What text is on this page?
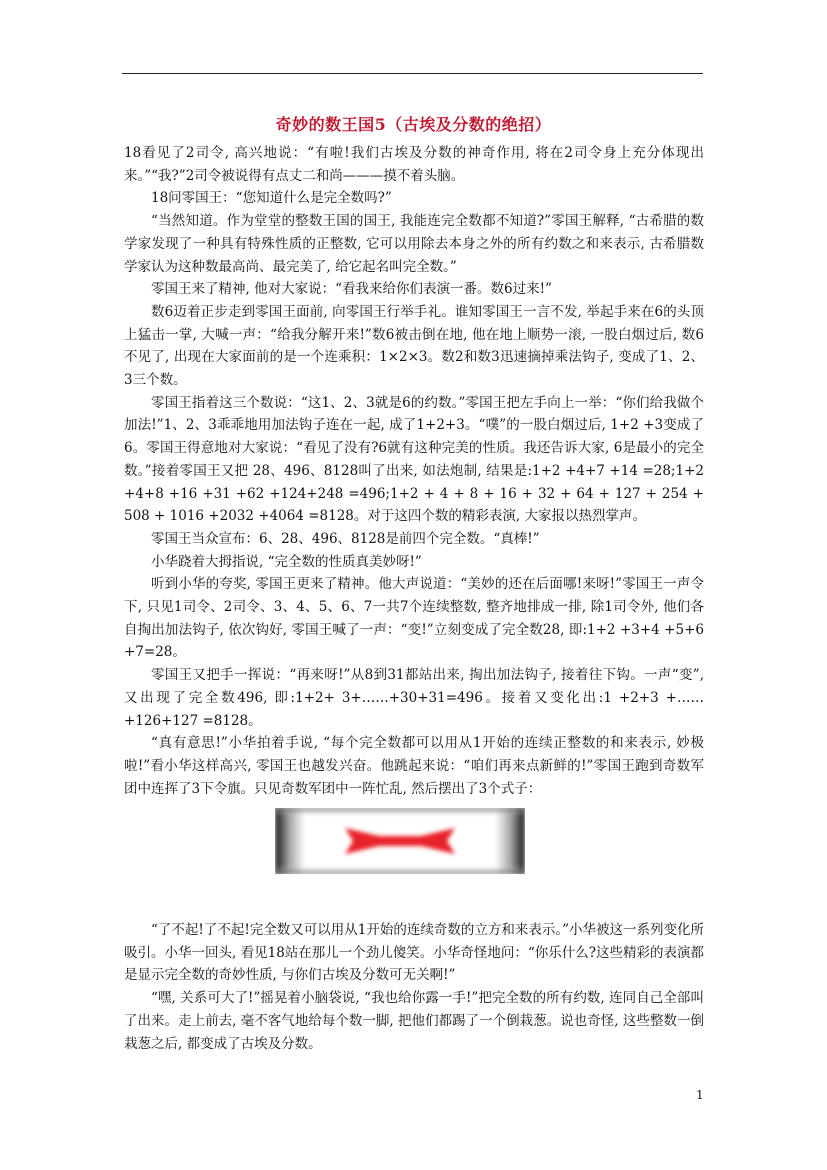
奇妙的数王国5（古埃及分数的绝招）

18看见了2司令, 高兴地说：“有啦!我们古埃及分数的神奇作用, 将在2司令身上充分体现出来。”“我?”2司令被说得有点丈二和尚———摸不着头脑。

18问零国王：“您知道什么是完全数吗?”

“当然知道。作为堂堂的整数王国的国王, 我能连完全数都不知道?”零国王解释, “古希腊的数学家发现了一种具有特殊性质的正整数, 它可以用除去本身之外的所有约数之和来表示, 古希腊数学家认为这种数最高尚、最完美了, 给它起名叫完全数。”

零国王来了精神, 他对大家说：“看我来给你们表演一番。数6过来!”

数6迈着正步走到零国王面前, 向零国王行举手礼。谁知零国王一言不发, 举起手来在6的头顶上猛击一掌, 大喊一声：“给我分解开来!”数6被击倒在地, 他在地上顺势一滚, 一股白烟过后, 数6不见了, 出现在大家面前的是一个连乘积：1×2×3。数2和数3迅速摘掉乘法钩子, 变成了1、2、3三个数。

零国王指着这三个数说：“这1、2、3就是6的约数。”零国王把左手向上一举：“你们给我做个加法!”1、2、3乖乖地用加法钩子连在一起, 成了1+2+3。“噗”的一股白烟过后, 1+2 +3变成了6。零国王得意地对大家说：“看见了没有?6就有这种完美的性质。我还告诉大家, 6是最小的完全数。”接着零国王又把 28、496、8128叫了出来, 如法炮制, 结果是:1+2 +4+7 +14 =28;1+2 +4+8 +16 +31 +62 +124+248 =496;1+2 + 4 + 8 + 16 + 32 + 64 + 127 + 254 + 508 + 1016 +2032 +4064 =8128。对于这四个数的精彩表演, 大家报以热烈掌声。

零国王当众宣布：6、28、496、8128是前四个完全数。“真棒!”

小华跷着大拇指说, “完全数的性质真美妙呀!”

听到小华的夸奖, 零国王更来了精神。他大声说道：“美妙的还在后面哪!来呀!”零国王一声令下, 只见1司令、2司令、3、4、5、6、7一共7个连续整数, 整齐地排成一排, 除1司令外, 他们各自掏出加法钩子, 依次钩好, 零国王喊了一声：“变!”立刻变成了完全数28, 即:1+2 +3+4 +5+6 +7=28。

零国王又把手一挥说：“再来呀!”从8到31都站出来, 掏出加法钩子, 接着往下钩。一声“变”, 又出现了完全数496, 即:1+2+ 3+……+30+31=496。接着又变化出:1 +2+3 +……+126+127 =8128。

“真有意思!”小华拍着手说, “每个完全数都可以用从1开始的连续正整数的和来表示, 妙极啦!”看小华这样高兴, 零国王也越发兴奋。他跳起来说：“咱们再来点新鲜的!”零国王跑到奇数军团中连挥了3下令旗。只见奇数军团中一阵忙乱, 然后摆出了3个式子：

“了不起!了不起!完全数又可以用从1开始的连续奇数的立方和来表示。”小华被这一系列变化所吸引。小华一回头, 看见18站在那儿一个劲儿傻笑。小华奇怪地问：“你乐什么?这些精彩的表演都是显示完全数的奇妙性质, 与你们古埃及分数可无关啊!”

“嘿, 关系可大了!”摇晃着小脑袋说, “我也给你露一手!”把完全数的所有约数, 连同自己全部叫了出来。走上前去, 毫不客气地给每个数一脚, 把他们都踢了一个倒栽葱。说也奇怪, 这些整数一倒栽葱之后, 都变成了古埃及分数。

1
